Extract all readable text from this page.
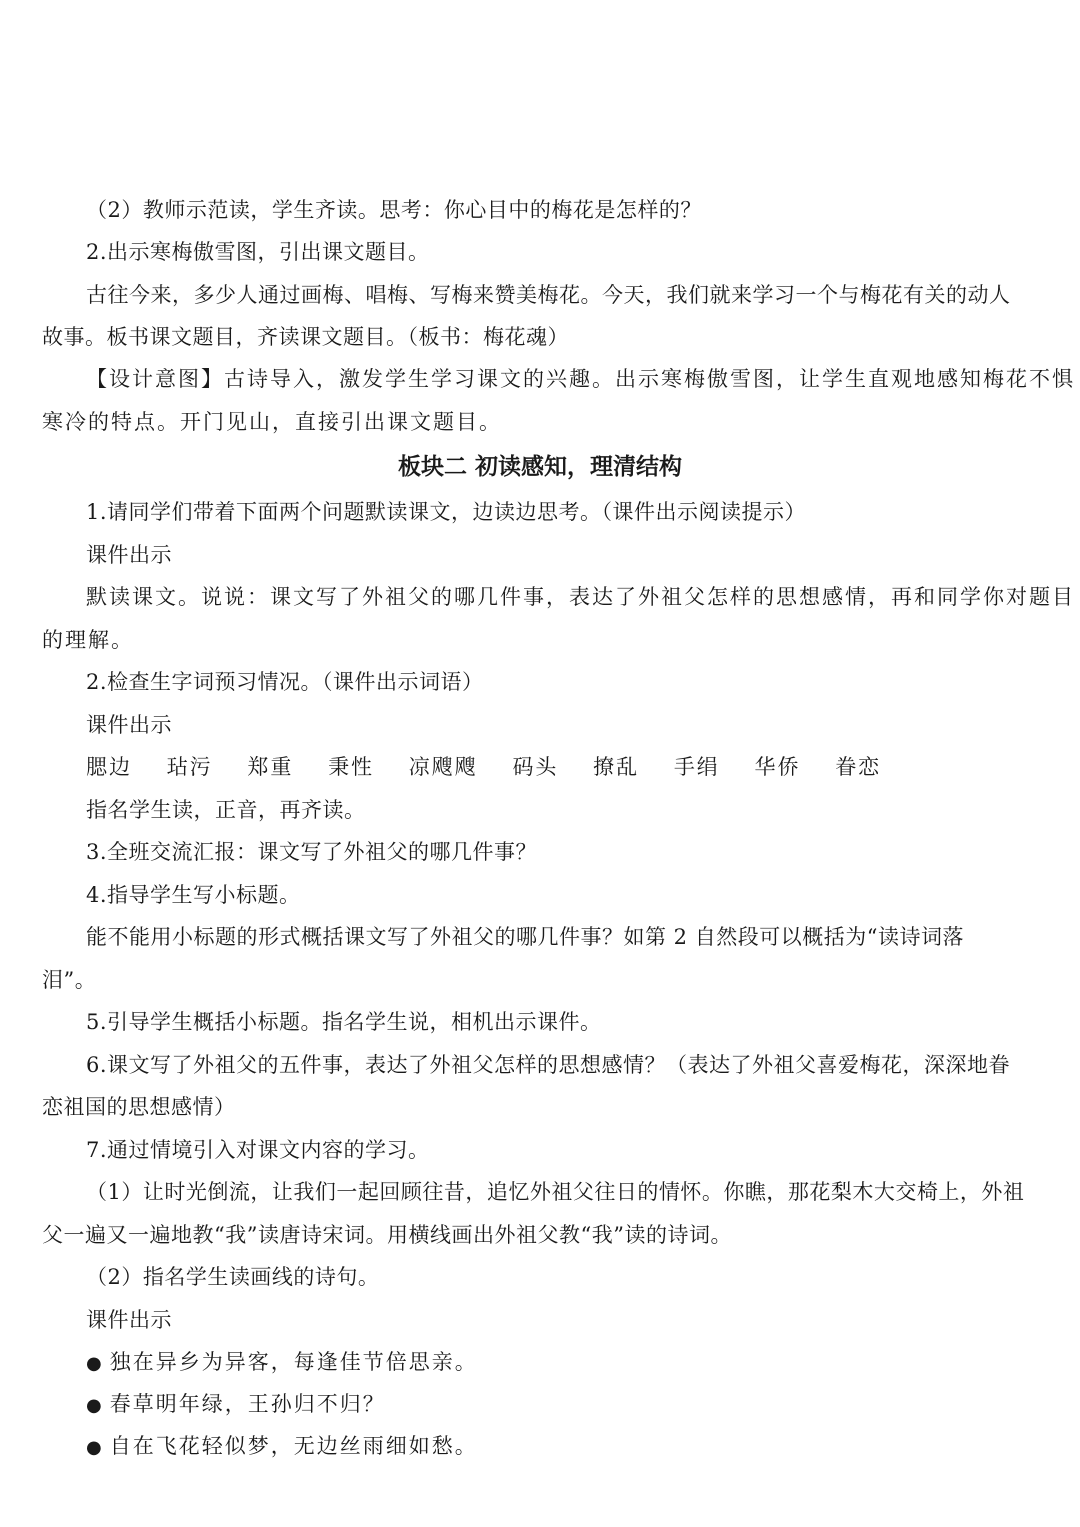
（2）教师示范读，学生齐读。思考：你心目中的梅花是怎样的？
2.出示寒梅傲雪图，引出课文题目。
古往今来，多少人通过画梅、唱梅、写梅来赞美梅花。今天，我们就来学习一个与梅花有关的动人
故事。板书课文题目，齐读课文题目。（板书：梅花魂）
【设计意图】古诗导入，激发学生学习课文的兴趣。出示寒梅傲雪图，让学生直观地感知梅花不惧
寒冷的特点。开门见山，直接引出课文题目。
板块二 初读感知，理清结构
1.请同学们带着下面两个问题默读课文，边读边思考。（课件出示阅读提示）
课件出示
默读课文。说说：课文写了外祖父的哪几件事，表达了外祖父怎样的思想感情，再和同学你对题目
的理解。
2.检查生字词预习情况。（课件出示词语）
课件出示
腮边 玷污 郑重 秉性 凉飕飕 码头 撩乱 手绢 华侨 眷恋
指名学生读，正音，再齐读。
3.全班交流汇报：课文写了外祖父的哪几件事？
4.指导学生写小标题。
能不能用小标题的形式概括课文写了外祖父的哪几件事？如第 2 自然段可以概括为“读诗词落
泪”。
5.引导学生概括小标题。指名学生说，相机出示课件。
6.课文写了外祖父的五件事，表达了外祖父怎样的思想感情？（表达了外祖父喜爱梅花，深深地眷
恋祖国的思想感情）
7.通过情境引入对课文内容的学习。
（1）让时光倒流，让我们一起回顾往昔，追忆外祖父往日的情怀。你瞧，那花梨木大交椅上，外祖
父一遍又一遍地教“我”读唐诗宋词。用横线画出外祖父教“我”读的诗词。
（2）指名学生读画线的诗句。
课件出示
● 独在异乡为异客，每逢佳节倍思亲。
● 春草明年绿，王孙归不归？
● 自在飞花轻似梦，无边丝雨细如愁。
